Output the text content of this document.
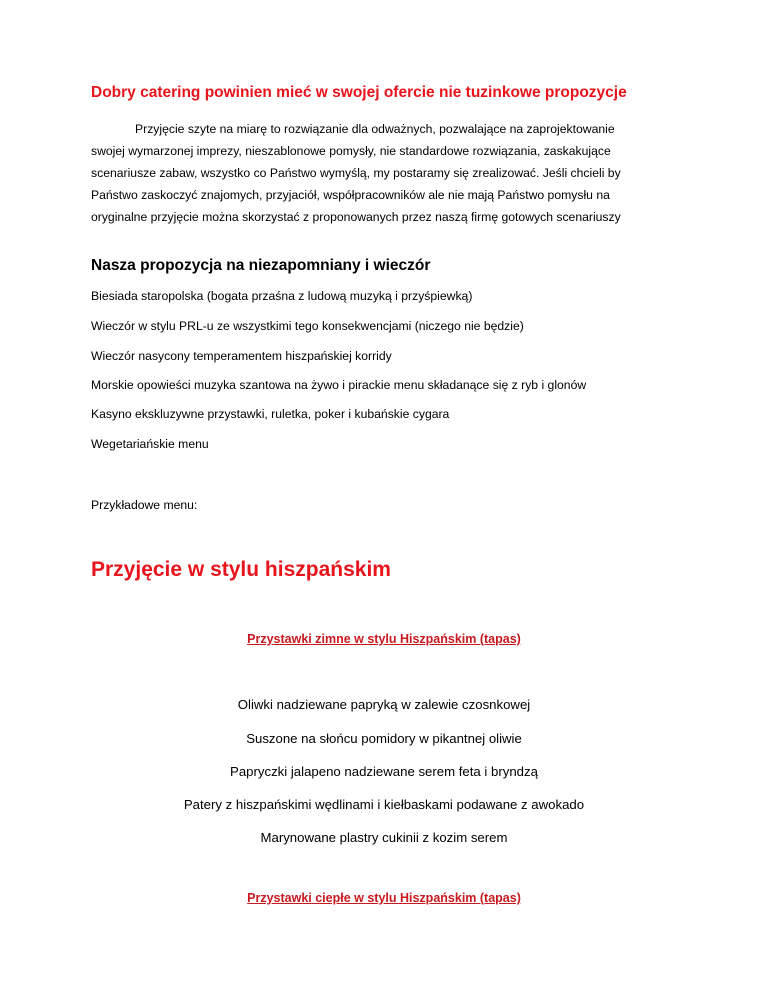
Dobry catering powinien mieć w swojej ofercie nie tuzinkowe propozycje

Przyjęcie szyte na miarę to rozwiązanie dla odważnych, pozwalające na zaprojektowanie

swojej wymarzonej imprezy, nieszablonowe pomysły, nie standardowe rozwiązania, zaskakujące

scenariusze zabaw, wszystko co Państwo wymyślą, my postaramy się zrealizować. Jeśli chcieli by

Państwo zaskoczyć znajomych, przyjaciół, współpracowników ale nie mają Państwo pomysłu na

oryginalne przyjęcie można skorzystać z proponowanych przez naszą firmę gotowych scenariuszy

Nasza propozycja na niezapomniany i wieczór
Biesiada staropolska (bogata przaśna z ludową muzyką i przyśpiewką)
Wieczór w stylu PRL-u ze wszystkimi tego konsekwencjami (niczego nie będzie)
Wieczór nasycony temperamentem hiszpańskiej korridy
Morskie opowieści muzyka szantowa na żywo i pirackie menu składanące się z ryb i glonów
Kasyno ekskluzywne przystawki, ruletka, poker i kubańskie cygara
Wegetariańskie menu
Przykładowe menu:
Przyjęcie w stylu hiszpańskim
Przystawki zimne w stylu Hiszpańskim (tapas)
Oliwki nadziewane papryką w zalewie czosnkowej
Suszone na słońcu pomidory w pikantnej oliwie
Papryczki jalapeno nadziewane serem feta i bryndzą
Patery z hiszpańskimi wędlinami i kiełbaskami podawane z awokado
Marynowane plastry cukinii z kozim serem
Przystawki ciepłe w stylu Hiszpańskim (tapas)
